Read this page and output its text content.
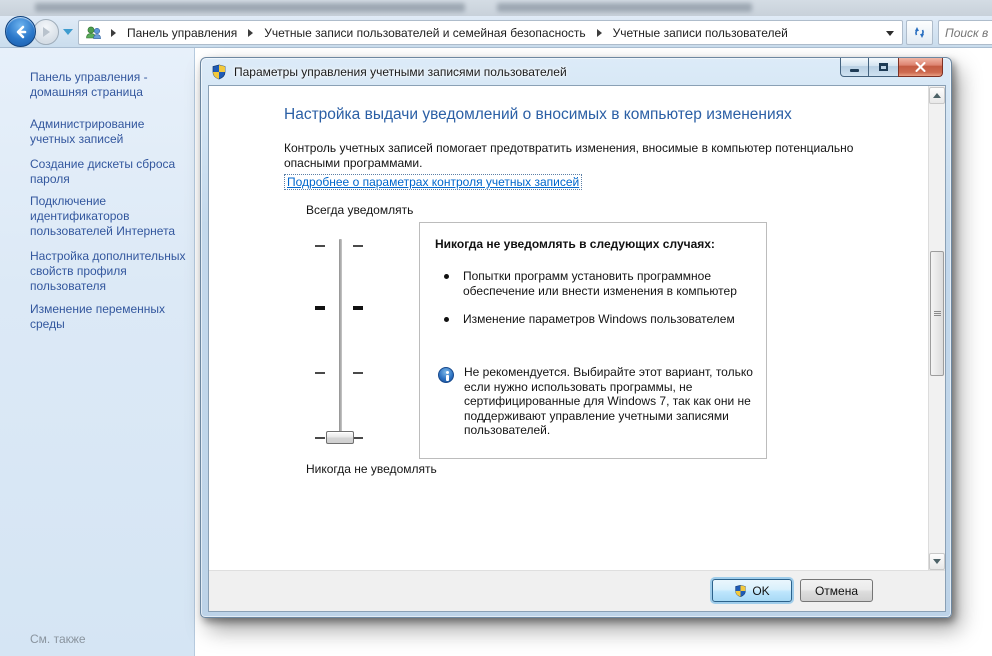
Панель управления Учетные записи пользователей и семейная безопасность Учетные записи пользователей
Поиск в
Панель управления - домашняя страница
Администрирование учетных записей
Создание дискеты сброса пароля
Подключение идентификаторов пользователей Интернета
Настройка дополнительных свойств профиля пользователя
Изменение переменных среды
См. также
Параметры управления учетными записями пользователей
Настройка выдачи уведомлений о вносимых в компьютер изменениях
Контроль учетных записей помогает предотвратить изменения, вносимые в компьютер потенциально
опасными программами.
Подробнее о параметрах контроля учетных записей
Всегда уведомлять
Никогда не уведомлять
Никогда не уведомлять в следующих случаях:
Попытки программ установить программное обеспечение или внести изменения в компьютер
Изменение параметров Windows пользователем
Не рекомендуется. Выбирайте этот вариант, только если нужно использовать программы, не сертифицированные для Windows 7, так как они не поддерживают управление учетными записями пользователей.
OK	Отмена
